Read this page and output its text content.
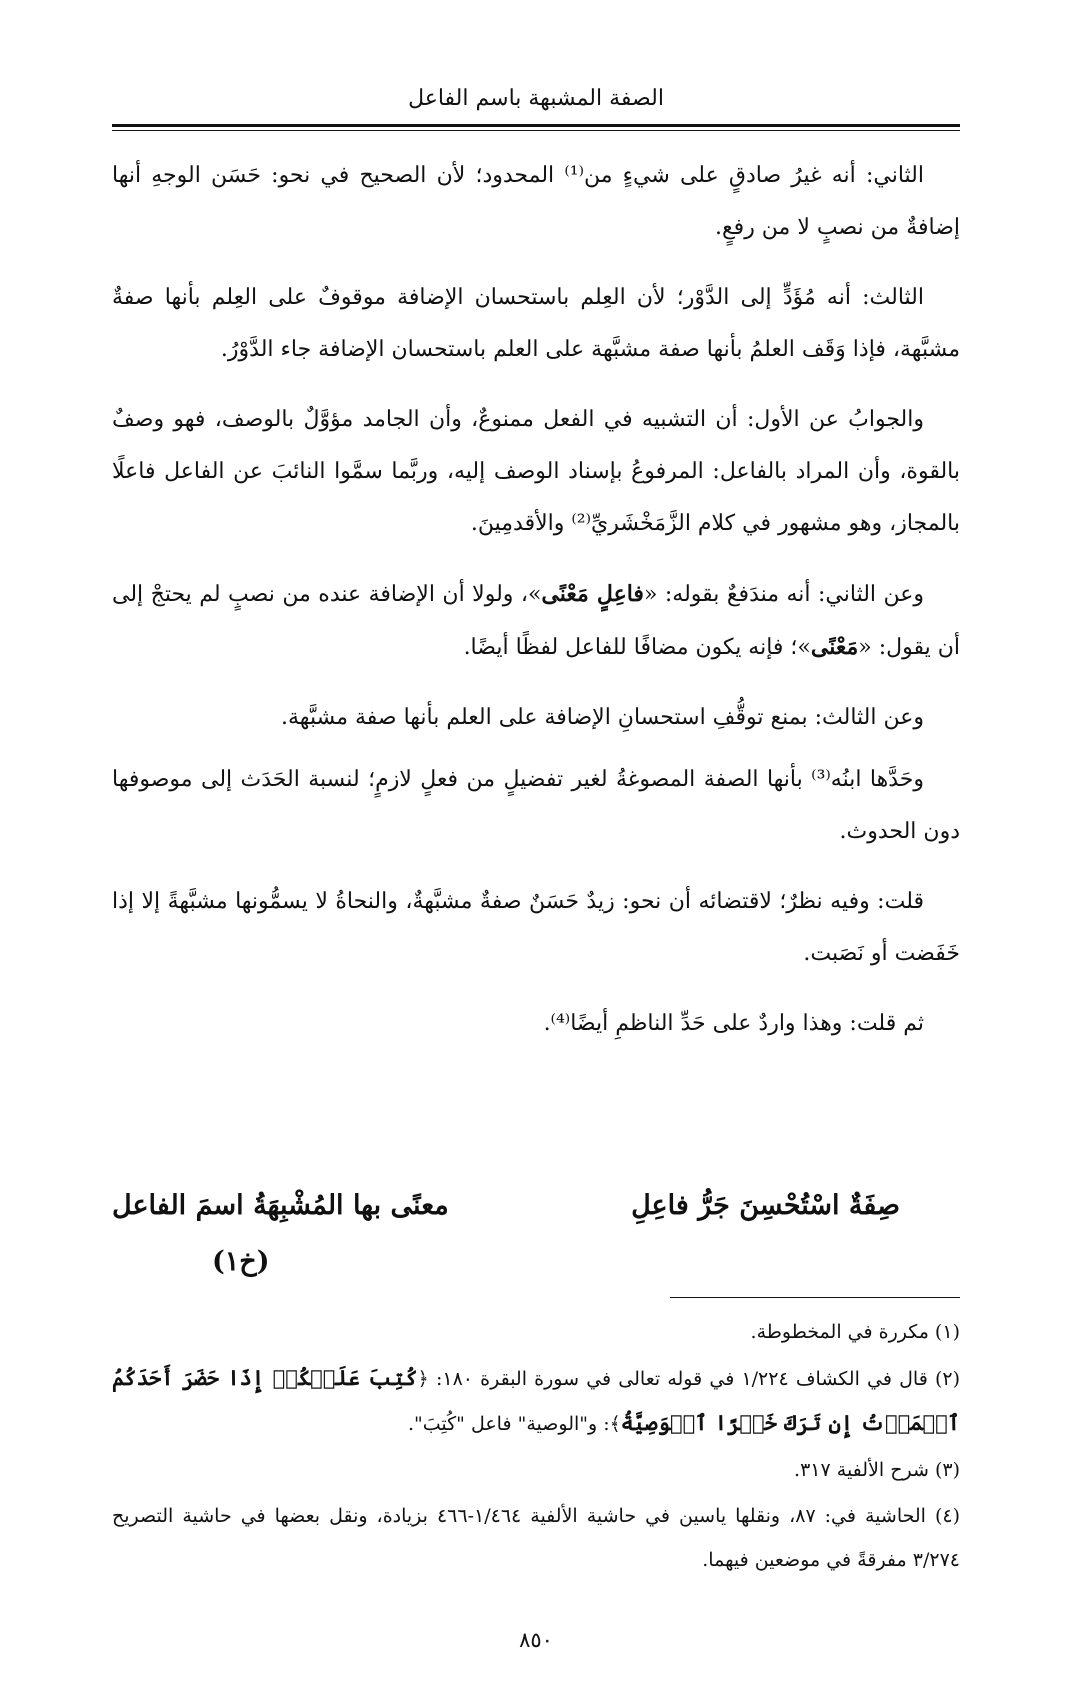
الصفة المشبهة باسم الفاعل

الثاني: أنه غيرُ صادقٍ على شيءٍ من⁽¹⁾ المحدود؛ لأن الصحيح في نحو: حَسَن الوجهِ أنها إضافةٌ من نصبٍ لا من رفعٍ.

الثالث: أنه مُؤَدٍّ إلى الدَّوْر؛ لأن العِلم باستحسان الإضافة موقوفٌ على العِلم بأنها صفةٌ مشبَّهة، فإذا وَقَف العلمُ بأنها صفة مشبَّهة على العلم باستحسان الإضافة جاء الدَّوْرُ.

والجوابُ عن الأول: أن التشبيه في الفعل ممنوعٌ، وأن الجامد مؤوَّلٌ بالوصف، فهو وصفٌ بالقوة، وأن المراد بالفاعل: المرفوعُ بإسناد الوصف إليه، وربَّما سمَّوا النائبَ عن الفاعل فاعلًا بالمجاز، وهو مشهور في كلام الزَّمَخْشَريِّ⁽²⁾ والأقدمِينَ.

وعن الثاني: أنه مندَفعٌ بقوله: «فاعِلٍ مَعْنًى»، ولولا أن الإضافة عنده من نصبٍ لم يحتجْ إلى أن يقول: «مَعْنًى»؛ فإنه يكون مضافًا للفاعل لفظًا أيضًا.

وعن الثالث: بمنع توقُّفِ استحسانِ الإضافة على العلم بأنها صفة مشبَّهة.

وحَدَّها ابنُه⁽³⁾ بأنها الصفة المصوغةُ لغير تفضيلٍ من فعلٍ لازمٍ؛ لنسبة الحَدَث إلى موصوفها دون الحدوث.

قلت: وفيه نظرٌ؛ لاقتضائه أن نحو: زيدٌ حَسَنٌ صفةٌ مشبَّهةٌ، والنحاةُ لا يسمُّونها مشبَّهةً إلا إذا خَفَضت أو نَصَبت.

ثم قلت: وهذا واردٌ على حَدِّ الناظمِ أيضًا⁽⁴⁾.

صِفَةٌ اسْتُحْسِنَ جَرُّ فاعِلِ
معنًى بها المُشْبِهَةُ اسمَ الفاعل
(خ١)

(١) مكررة في المخطوطة.

(٢) قال في الكشاف ١/٢٢٤ في قوله تعالى في سورة البقرة ١٨٠: ﴿كُتِبَ عَلَيۡكُمۡ إِذَا حَضَرَ أَحَدَكُمُ ٱلۡمَوۡتُ إِن تَرَكَ خَيۡرًا ٱلۡوَصِيَّةُ﴾: و"الوصية" فاعل "كُتِبَ".

(٣) شرح الألفية ٣١٧.

(٤) الحاشية في: ٨٧، ونقلها ياسين في حاشية الألفية ١/٤٦٤-٤٦٦ بزيادة، ونقل بعضها في حاشية التصريح ٣/٢٧٤ مفرقةً في موضعين فيهما.

٨٥٠
